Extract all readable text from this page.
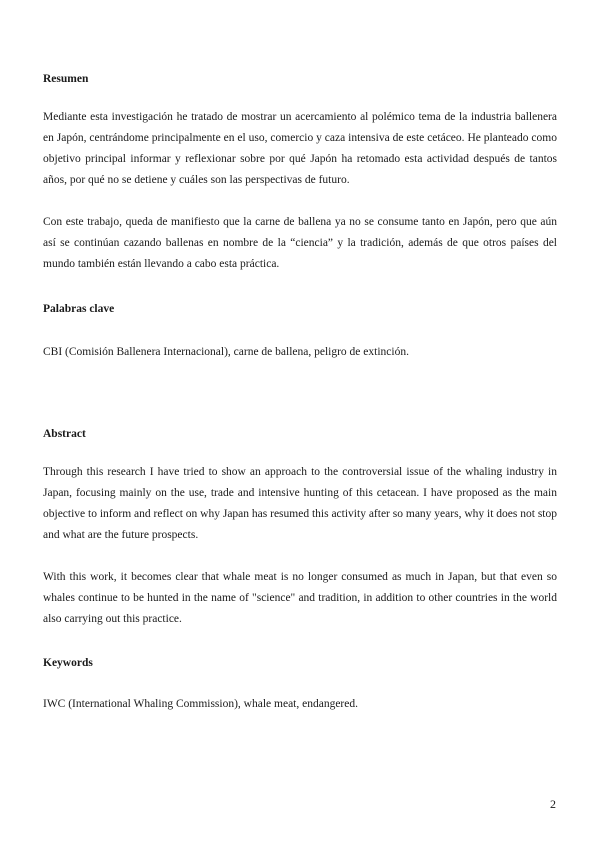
Resumen

Mediante esta investigación he tratado de mostrar un acercamiento al polémico tema de la industria ballenera en Japón, centrándome principalmente en el uso, comercio y caza intensiva de este cetáceo. He planteado como objetivo principal informar y reflexionar sobre por qué Japón ha retomado esta actividad después de tantos años, por qué no se detiene y cuáles son las perspectivas de futuro.

Con este trabajo, queda de manifiesto que la carne de ballena ya no se consume tanto en Japón, pero que aún así se continúan cazando ballenas en nombre de la “ciencia” y la tradición, además de que otros países del mundo también están llevando a cabo esta práctica.

Palabras clave

CBI (Comisión Ballenera Internacional), carne de ballena, peligro de extinción.

Abstract

Through this research I have tried to show an approach to the controversial issue of the whaling industry in Japan, focusing mainly on the use, trade and intensive hunting of this cetacean. I have proposed as the main objective to inform and reflect on why Japan has resumed this activity after so many years, why it does not stop and what are the future prospects.

With this work, it becomes clear that whale meat is no longer consumed as much in Japan, but that even so whales continue to be hunted in the name of "science" and tradition, in addition to other countries in the world also carrying out this practice.

Keywords

IWC (International Whaling Commission), whale meat, endangered.

2
